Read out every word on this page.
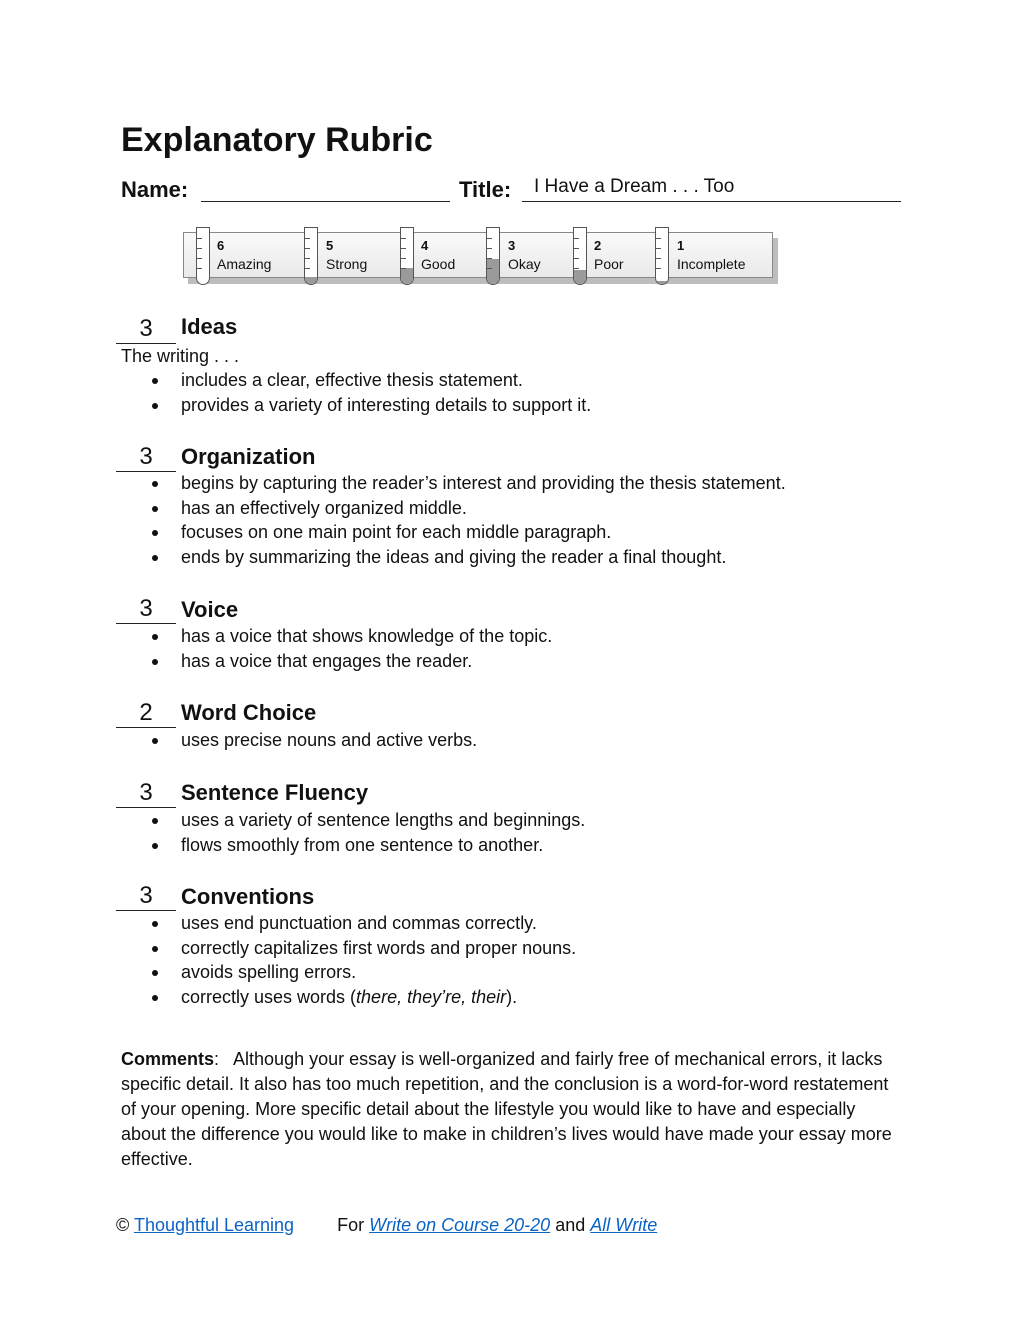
Explanatory Rubric
Name:	Title: I Have a Dream . . . Too
6
Amazing
5
Strong
4
Good
3
Okay
2
Poor
1
Incomplete
3	Ideas
The writing . . .
includes a clear, effective thesis statement.
provides a variety of interesting details to support it.
3	Organization
begins by capturing the reader’s interest and providing the thesis statement.
has an effectively organized middle.
focuses on one main point for each middle paragraph.
ends by summarizing the ideas and giving the reader a final thought.
3	Voice
has a voice that shows knowledge of the topic.
has a voice that engages the reader.
2	Word Choice
uses precise nouns and active verbs.
3	Sentence Fluency
uses a variety of sentence lengths and beginnings.
flows smoothly from one sentence to another.
3	Conventions
uses end punctuation and commas correctly.
correctly capitalizes first words and proper nouns.
avoids spelling errors.
correctly uses words (there, they’re, their).

Comments:   Although your essay is well-organized and fairly free of mechanical errors, it lacks specific detail. It also has too much repetition, and the conclusion is a word-for-word restatement of your opening. More specific detail about the lifestyle you would like to have and especially about the difference you would like to make in children’s lives would have made your essay more effective.

© Thoughtful Learning For Write on Course 20-20 and All Write
